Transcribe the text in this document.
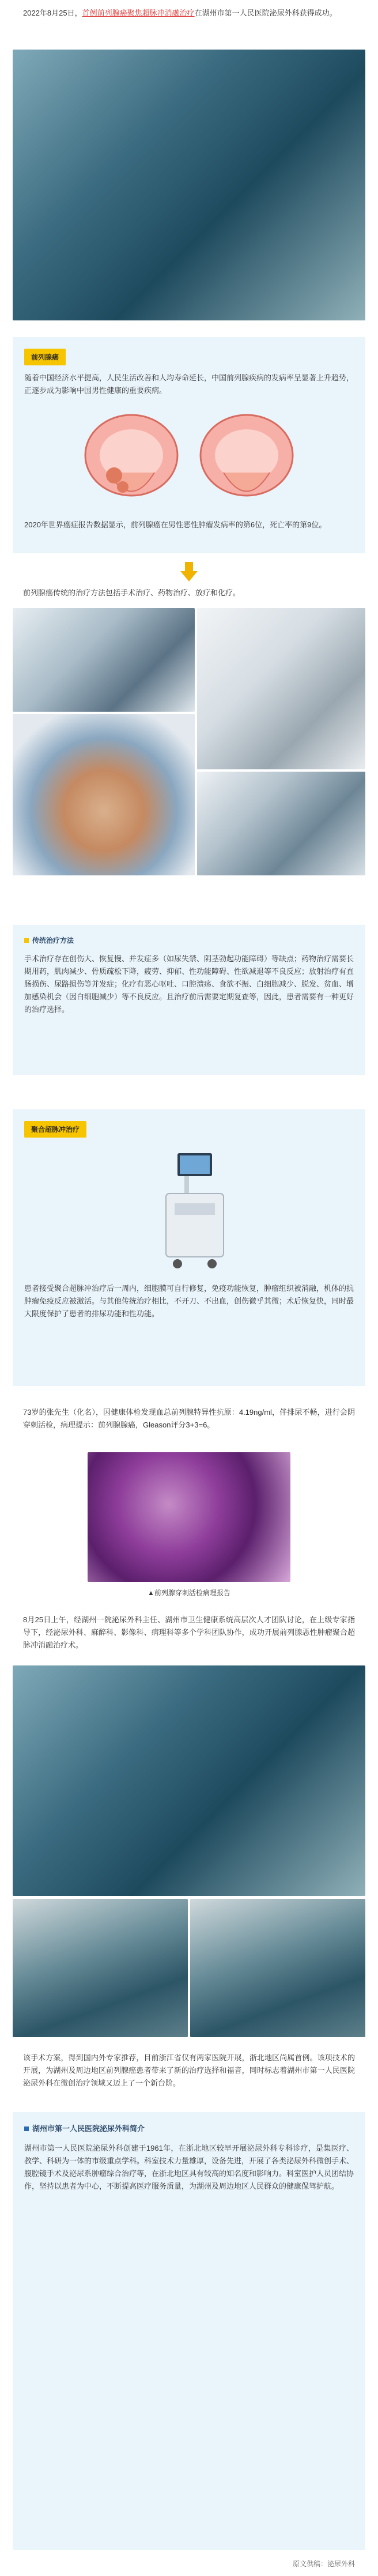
2022年8月25日，首例前列腺癌聚焦超脉冲消融治疗在湖州市第一人民医院泌尿外科获得成功。

前列腺癌

随着中国经济水平提高，人民生活改善和人均寿命延长，中国前列腺疾病的发病率呈显著上升趋势，正逐步成为影响中国男性健康的重要疾病。

2020年世界癌症报告数据显示，前列腺癌在男性恶性肿瘤发病率的第6位，死亡率的第9位。

前列腺癌传统的治疗方法包括手术治疗、药物治疗、放疗和化疗。

传统治疗方法

手术治疗存在创伤大、恢复慢、并发症多（如尿失禁、阴茎勃起功能障碍）等缺点；药物治疗需要长期用药，肌肉减少、骨质疏松下降，疲劳、抑郁、性功能障碍、性欲减退等不良反应；放射治疗有直肠损伤、尿路损伤等并发症；化疗有恶心呕吐、口腔溃疡、食欲不振、白细胞减少、脱发、贫血、增加感染机会（因白细胞减少）等不良反应。且治疗前后需要定期复查等，因此，患者需要有一种更好的治疗选择。

聚合超脉冲治疗

患者接受聚合超脉冲治疗后一周内，细胞膜可自行修复，免疫功能恢复，肿瘤组织被消融，机体的抗肿瘤免疫反应被激活。与其他传统治疗相比，不开刀、不出血，创伤微乎其微；术后恢复快，同时最大限度保护了患者的排尿功能和性功能。

73岁的张先生（化名），因健康体检发现血总前列腺特异性抗原：4.19ng/ml，伴排尿不畅，进行会阴穿刺活检，病理提示：前列腺腺癌，Gleason评分3+3=6。

▲前列腺穿刺活检病理报告

8月25日上午，经湖州一院泌尿外科主任、湖州市卫生健康系统高层次人才团队讨论，在上级专家指导下，经泌尿外科、麻醉科、影像科、病理科等多个学科团队协作，成功开展前列腺恶性肿瘤聚合超脉冲消融治疗术。

该手术方案，得到国内外专家推荐，目前浙江省仅有两家医院开展，浙北地区尚属首例。该项技术的开展，为湖州及周边地区前列腺癌患者带来了新的治疗选择和福音，同时标志着湖州市第一人民医院泌尿外科在微创治疗领域又迈上了一个新台阶。

湖州市第一人民医院泌尿外科简介

湖州市第一人民医院泌尿外科创建于1961年，在浙北地区较早开展泌尿外科专科诊疗，是集医疗、教学、科研为一体的市级重点学科。科室技术力量雄厚，设备先进，开展了各类泌尿外科微创手术、腹腔镜手术及泌尿系肿瘤综合治疗等，在浙北地区具有较高的知名度和影响力。科室医护人员团结协作，坚持以患者为中心，不断提高医疗服务质量，为湖州及周边地区人民群众的健康保驾护航。

原文供稿：泌尿外科
